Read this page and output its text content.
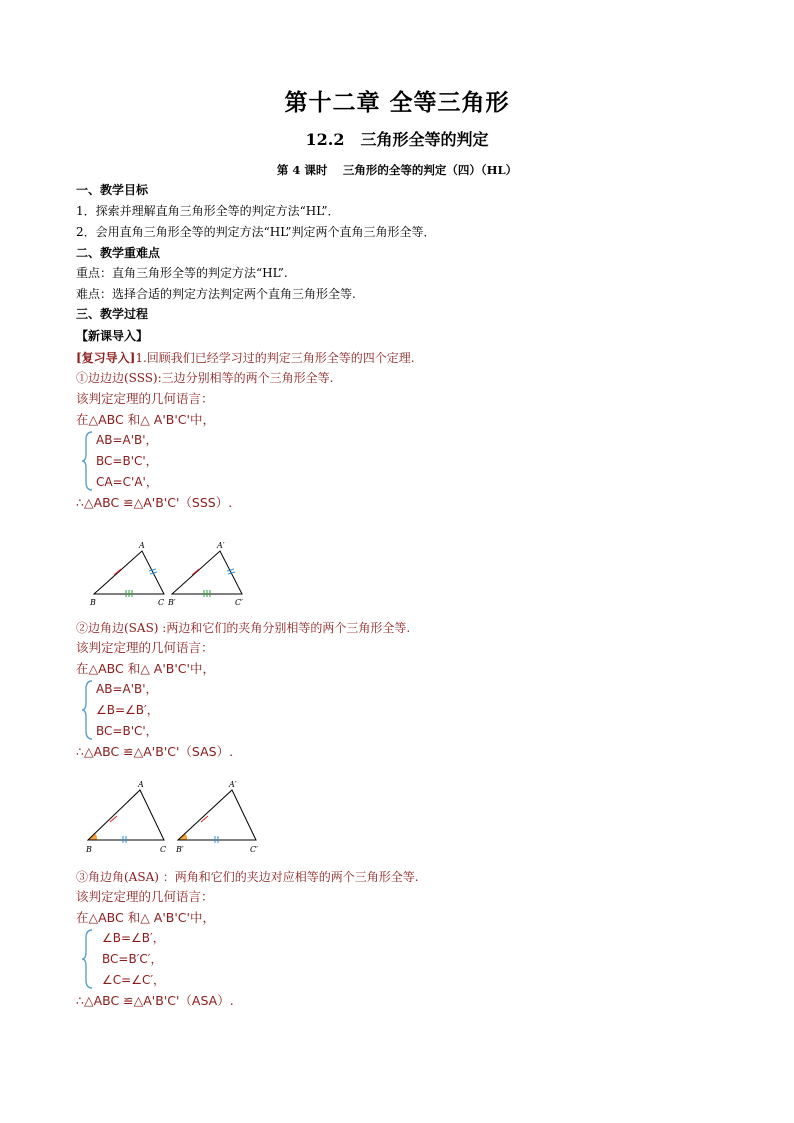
第十二章 全等三角形
12.2　三角形全等的判定
第 4 课时　 三角形的全等的判定（四）（HL）
一、教学目标
1．探索并理解直角三角形全等的判定方法“HL”．
2．会用直角三角形全等的判定方法“HL”判定两个直角三角形全等．
二、教学重难点
重点：直角三角形全等的判定方法“HL”.
难点：选择合适的判定方法判定两个直角三角形全等.
三、教学过程
【新课导入】
[复习导入]1.回顾我们已经学习过的判定三角形全等的四个定理.
①边边边(SSS):三边分别相等的两个三角形全等.
该判定定理的几何语言：
在△ABC 和△ A'B'C'中，
AB=A'B'，
BC=B'C'，
CA=C'A'，
∴△ABC ≌△A'B'C'（SSS）.
A
B	C
A′
B′	C′
②边角边(SAS) :两边和它们的夹角分别相等的两个三角形全等.
该判定定理的几何语言：
在△ABC 和△ A'B'C'中，
AB=A'B'，
∠B=∠B′，
BC=B'C'，
∴△ABC ≌△A'B'C'（SAS）.
A
B	C
A′
B′	C′
③角边角(ASA) ：两角和它们的夹边对应相等的两个三角形全等.
该判定定理的几何语言：
在△ABC 和△ A'B'C'中，
∠B=∠B′，
BC=B′C′，
∠C=∠C′，
∴△ABC ≌△A'B'C'（ASA）.
